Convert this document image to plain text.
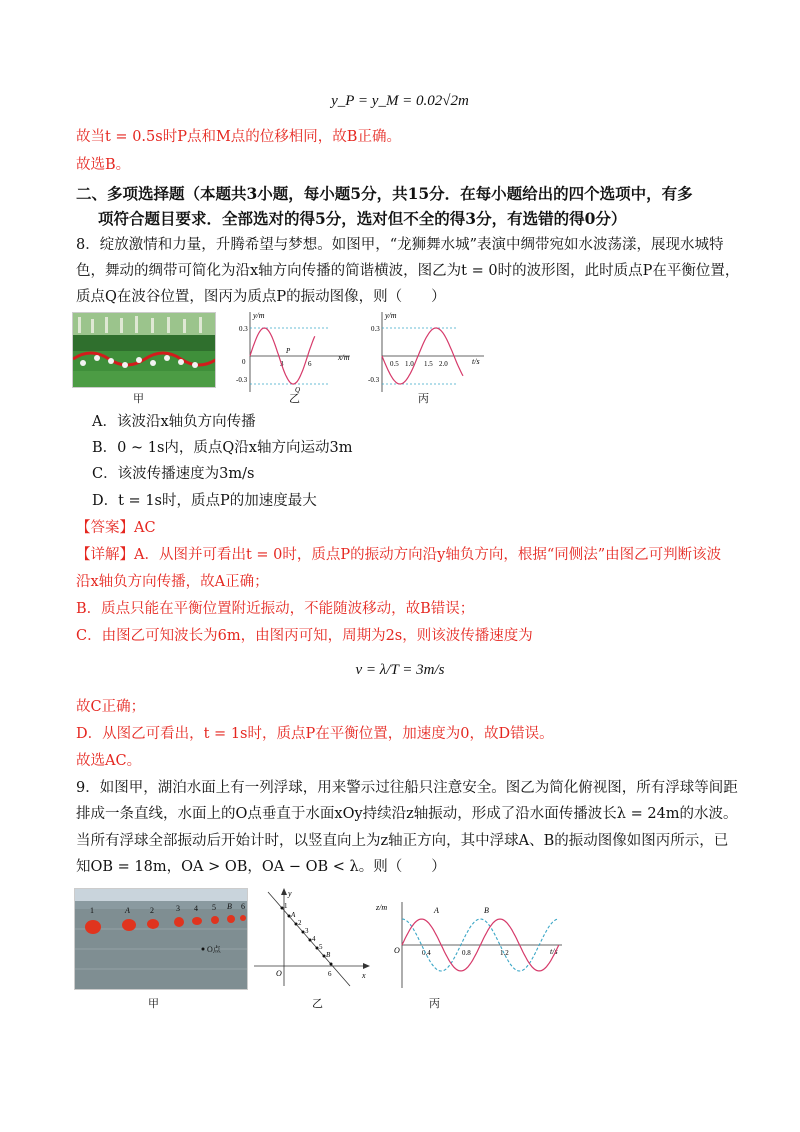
y_P = y_M = 0.02√2m
故当t = 0.5s时P点和M点的位移相同，故B正确。
故选B。
二、多项选择题（本题共3小题，每小题5分，共15分．在每小题给出的四个选项中，有多
项符合题目要求．全部选对的得5分，选对但不全的得3分，有选错的得0分）
8．绽放激情和力量，升腾希望与梦想。如图甲，“龙狮舞水城”表演中绸带宛如水波荡漾，展现水城特
色，舞动的绸带可简化为沿x轴方向传播的简谐横波，图乙为t = 0时的波形图，此时质点P在平衡位置，
质点Q在波谷位置，图丙为质点P的振动图像，则（　　）
甲
y/m
x/m
0.3
-0.3
0	3	6
P
Q
乙
y/m
t/s
0.3
-0.3
0.5 1.0 1.5 2.0
丙
A．该波沿x轴负方向传播
B．0 ~ 1s内，质点Q沿x轴方向运动3m
C．该波传播速度为3m/s
D．t = 1s时，质点P的加速度最大
【答案】AC
【详解】A．从图并可看出t = 0时，质点P的振动方向沿y轴负方向，根据“同侧法”由图乙可判断该波
沿x轴负方向传播，故A正确；
B．质点只能在平衡位置附近振动，不能随波移动，故B错误；
C．由图乙可知波长为6m，由图丙可知，周期为2s，则该波传播速度为
v = λ/T = 3m/s
故C正确；
D．从图乙可看出，t = 1s时，质点P在平衡位置，加速度为0，故D错误。
故选AC。
9．如图甲，湖泊水面上有一列浮球，用来警示过往船只注意安全。图乙为简化俯视图，所有浮球等间距
排成一条直线，水面上的O点垂直于水面xOy持续沿z轴振动，形成了沿水面传播波长λ = 24m的水波。
当所有浮球全部振动后开始计时，以竖直向上为z轴正方向，其中浮球A、B的振动图像如图丙所示，已
知OB = 18m，OA > OB，OA − OB < λ。则（　　）
1	A	2	3 4 5 B 6
O点
甲
y
x
O
1
A
2
3
4
5
B
6
乙
z/m
t/s
O	0.4	0.8	1.2
A	B
丙
